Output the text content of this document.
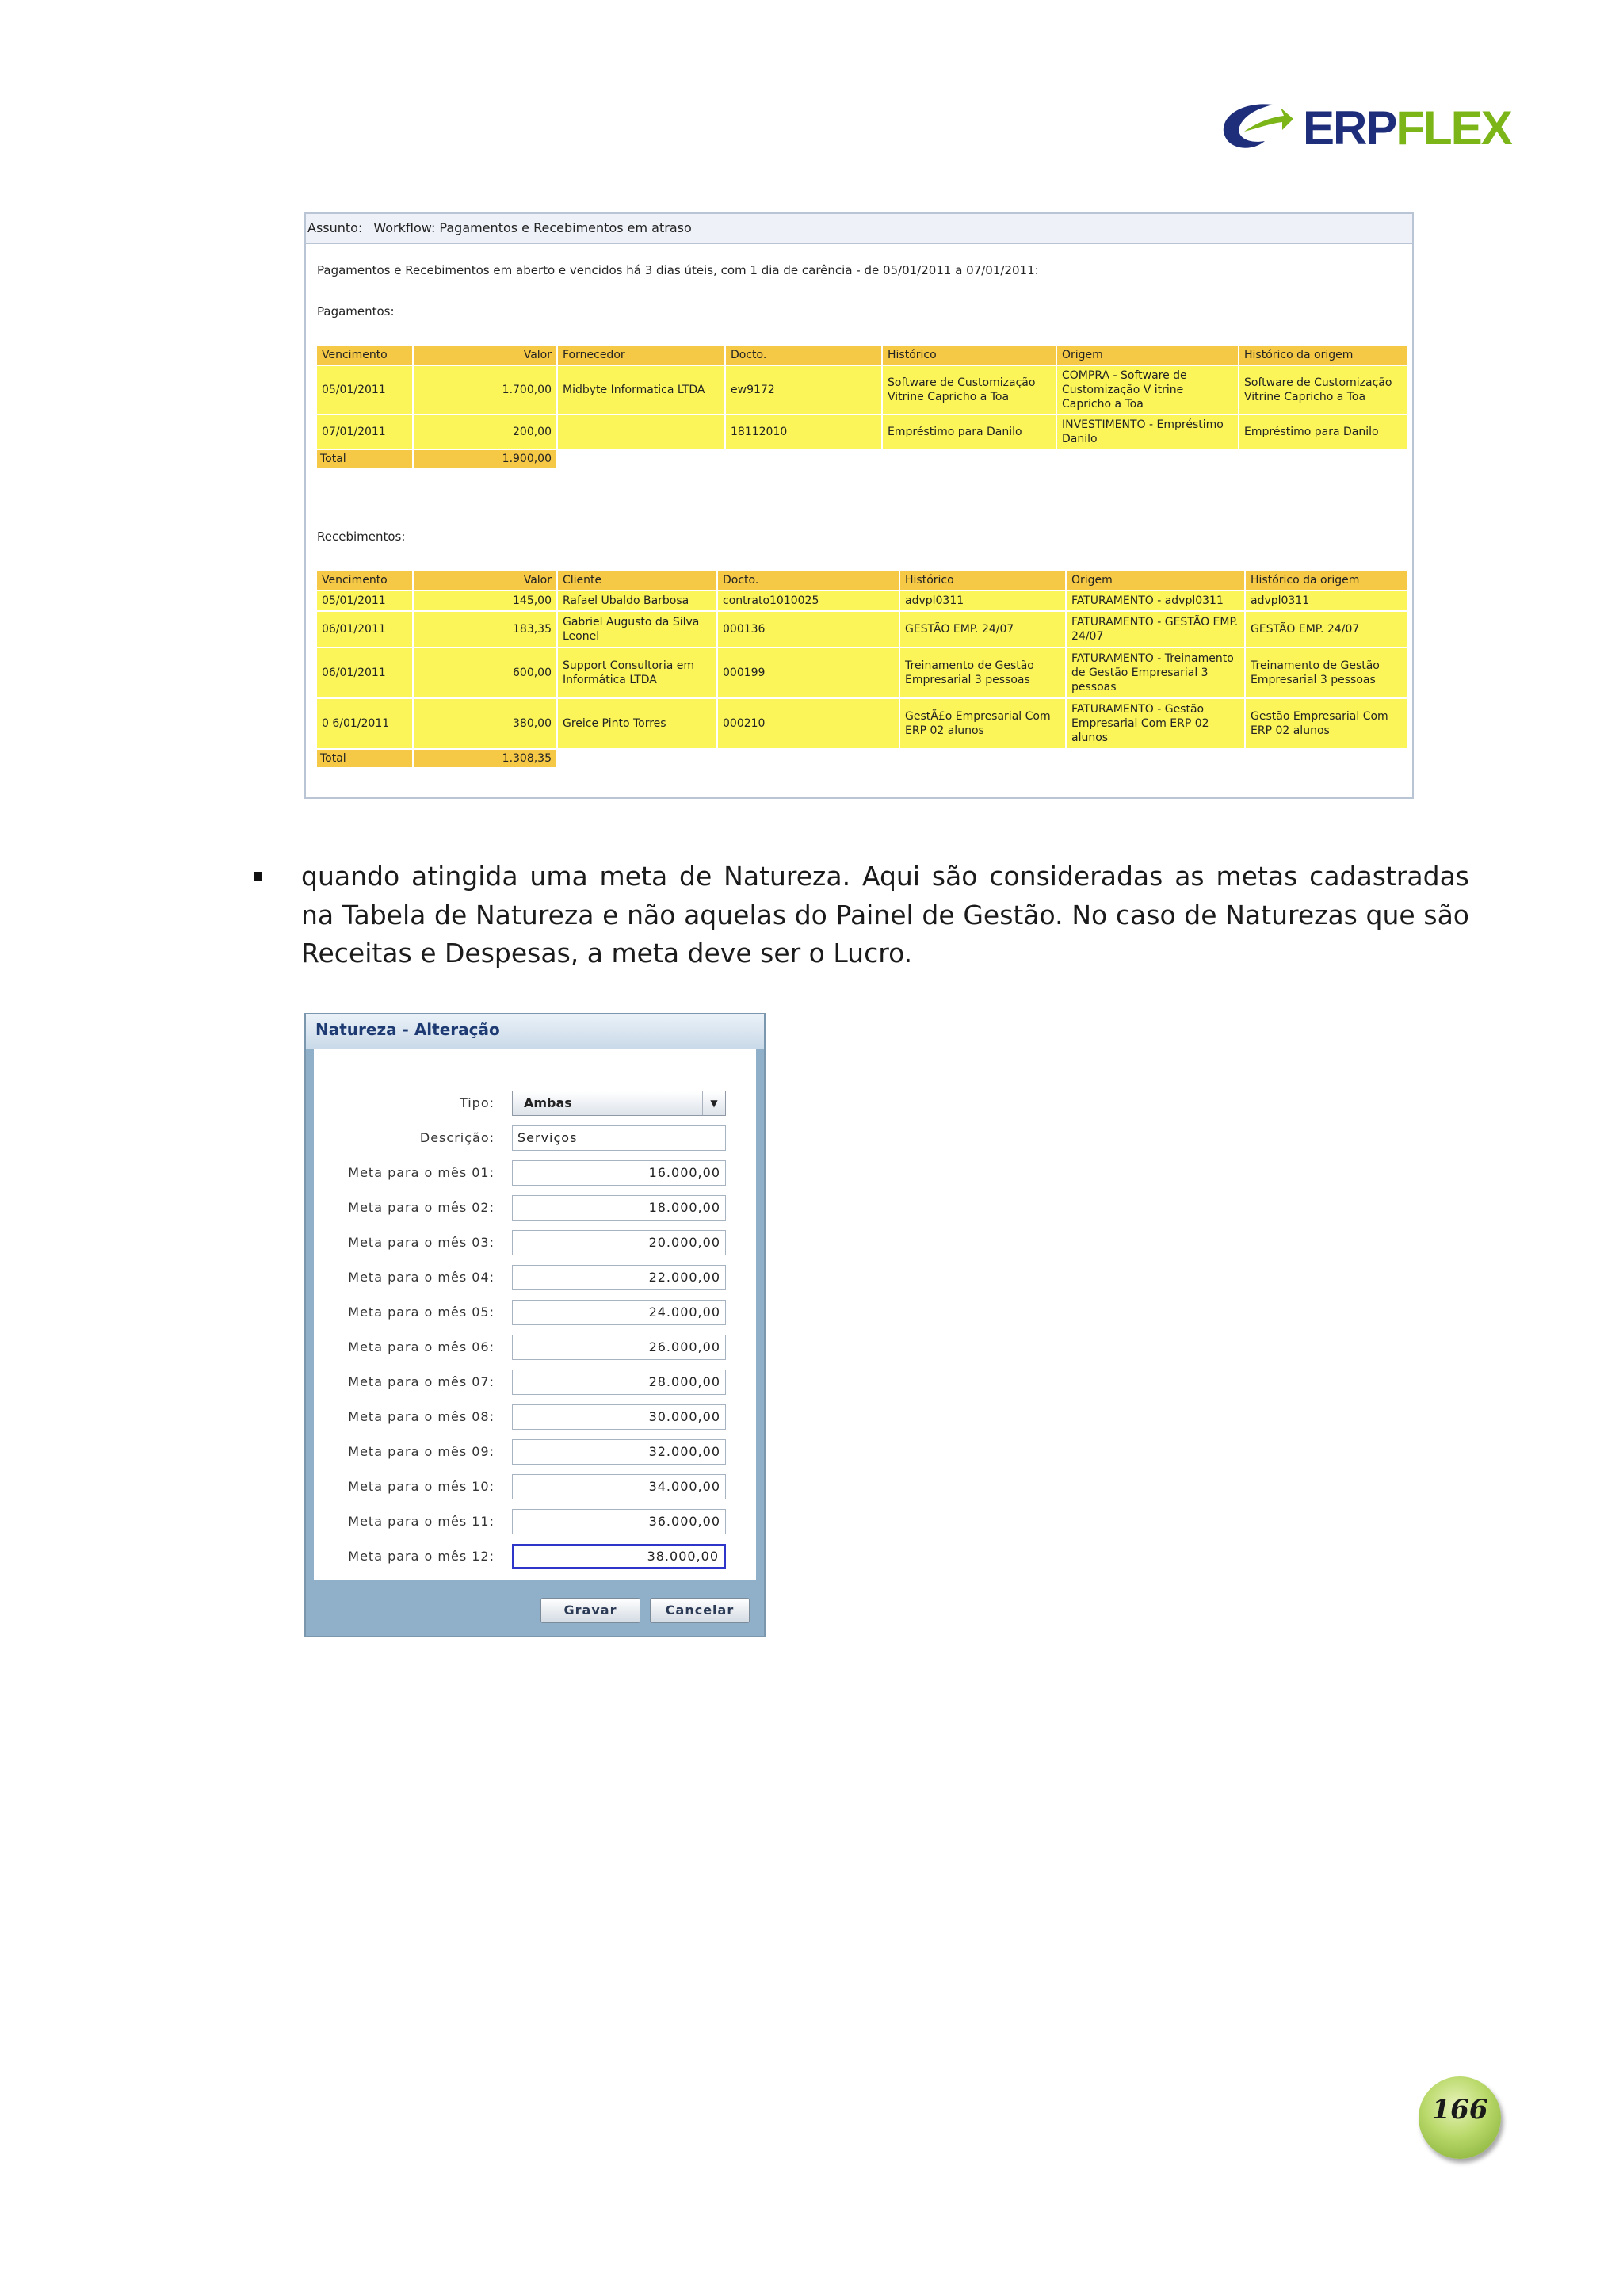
ERPFLEX
Assunto: Workflow: Pagamentos e Recebimentos em atraso
Pagamentos e Recebimentos em aberto e vencidos há 3 dias úteis, com 1 dia de carência - de 05/01/2011 a 07/01/2011:
Pagamentos:
Vencimento	Valor	Fornecedor	Docto.	Histórico	Origem	Histórico da origem
05/01/2011	1.700,00	Midbyte Informatica LTDA	ew9172	Software de Customização Vitrine Capricho a Toa	COMPRA - Software de Customização V itrine Capricho a Toa	Software de Customização Vitrine Capricho a Toa
07/01/2011	200,00		18112010	Empréstimo para Danilo	INVESTIMENTO - Empréstimo Danilo	Empréstimo para Danilo
Total	1.900,00					
Recebimentos:
Vencimento	Valor	Cliente	Docto.	Histórico	Origem	Histórico da origem
05/01/2011	145,00	Rafael Ubaldo Barbosa	contrato1010025	advpl0311	FATURAMENTO - advpl0311	advpl0311
06/01/2011	183,35	Gabriel Augusto da Silva Leonel	000136	GESTÃO EMP. 24/07	FATURAMENTO - GESTÃO EMP. 24/07	GESTÃO EMP. 24/07
06/01/2011	600,00	Support Consultoria em Informática LTDA	000199	Treinamento de Gestão Empresarial 3 pessoas	FATURAMENTO - Treinamento de Gestão Empresarial 3 pessoas	Treinamento de Gestão Empresarial 3 pessoas
0 6/01/2011	380,00	Greice Pinto Torres	000210	GestÃ£o Empresarial Com ERP 02 alunos	FATURAMENTO - Gestão Empresarial Com ERP 02 alunos	Gestão Empresarial Com ERP 02 alunos
Total	1.308,35					
quando atingida uma meta de Natureza. Aqui são consideradas as metas cadastradas na Tabela de Natureza e não aquelas do Painel de Gestão. No caso de Naturezas que são Receitas e Despesas, a meta deve ser o Lucro.
Natureza - Alteração
Tipo:	Ambas	▼
Descrição:	Serviços
Meta para o mês 01:	16.000,00
Meta para o mês 02:	18.000,00
Meta para o mês 03:	20.000,00
Meta para o mês 04:	22.000,00
Meta para o mês 05:	24.000,00
Meta para o mês 06:	26.000,00
Meta para o mês 07:	28.000,00
Meta para o mês 08:	30.000,00
Meta para o mês 09:	32.000,00
Meta para o mês 10:	34.000,00
Meta para o mês 11:	36.000,00
Meta para o mês 12:	38.000,00
Gravar	Cancelar
166
